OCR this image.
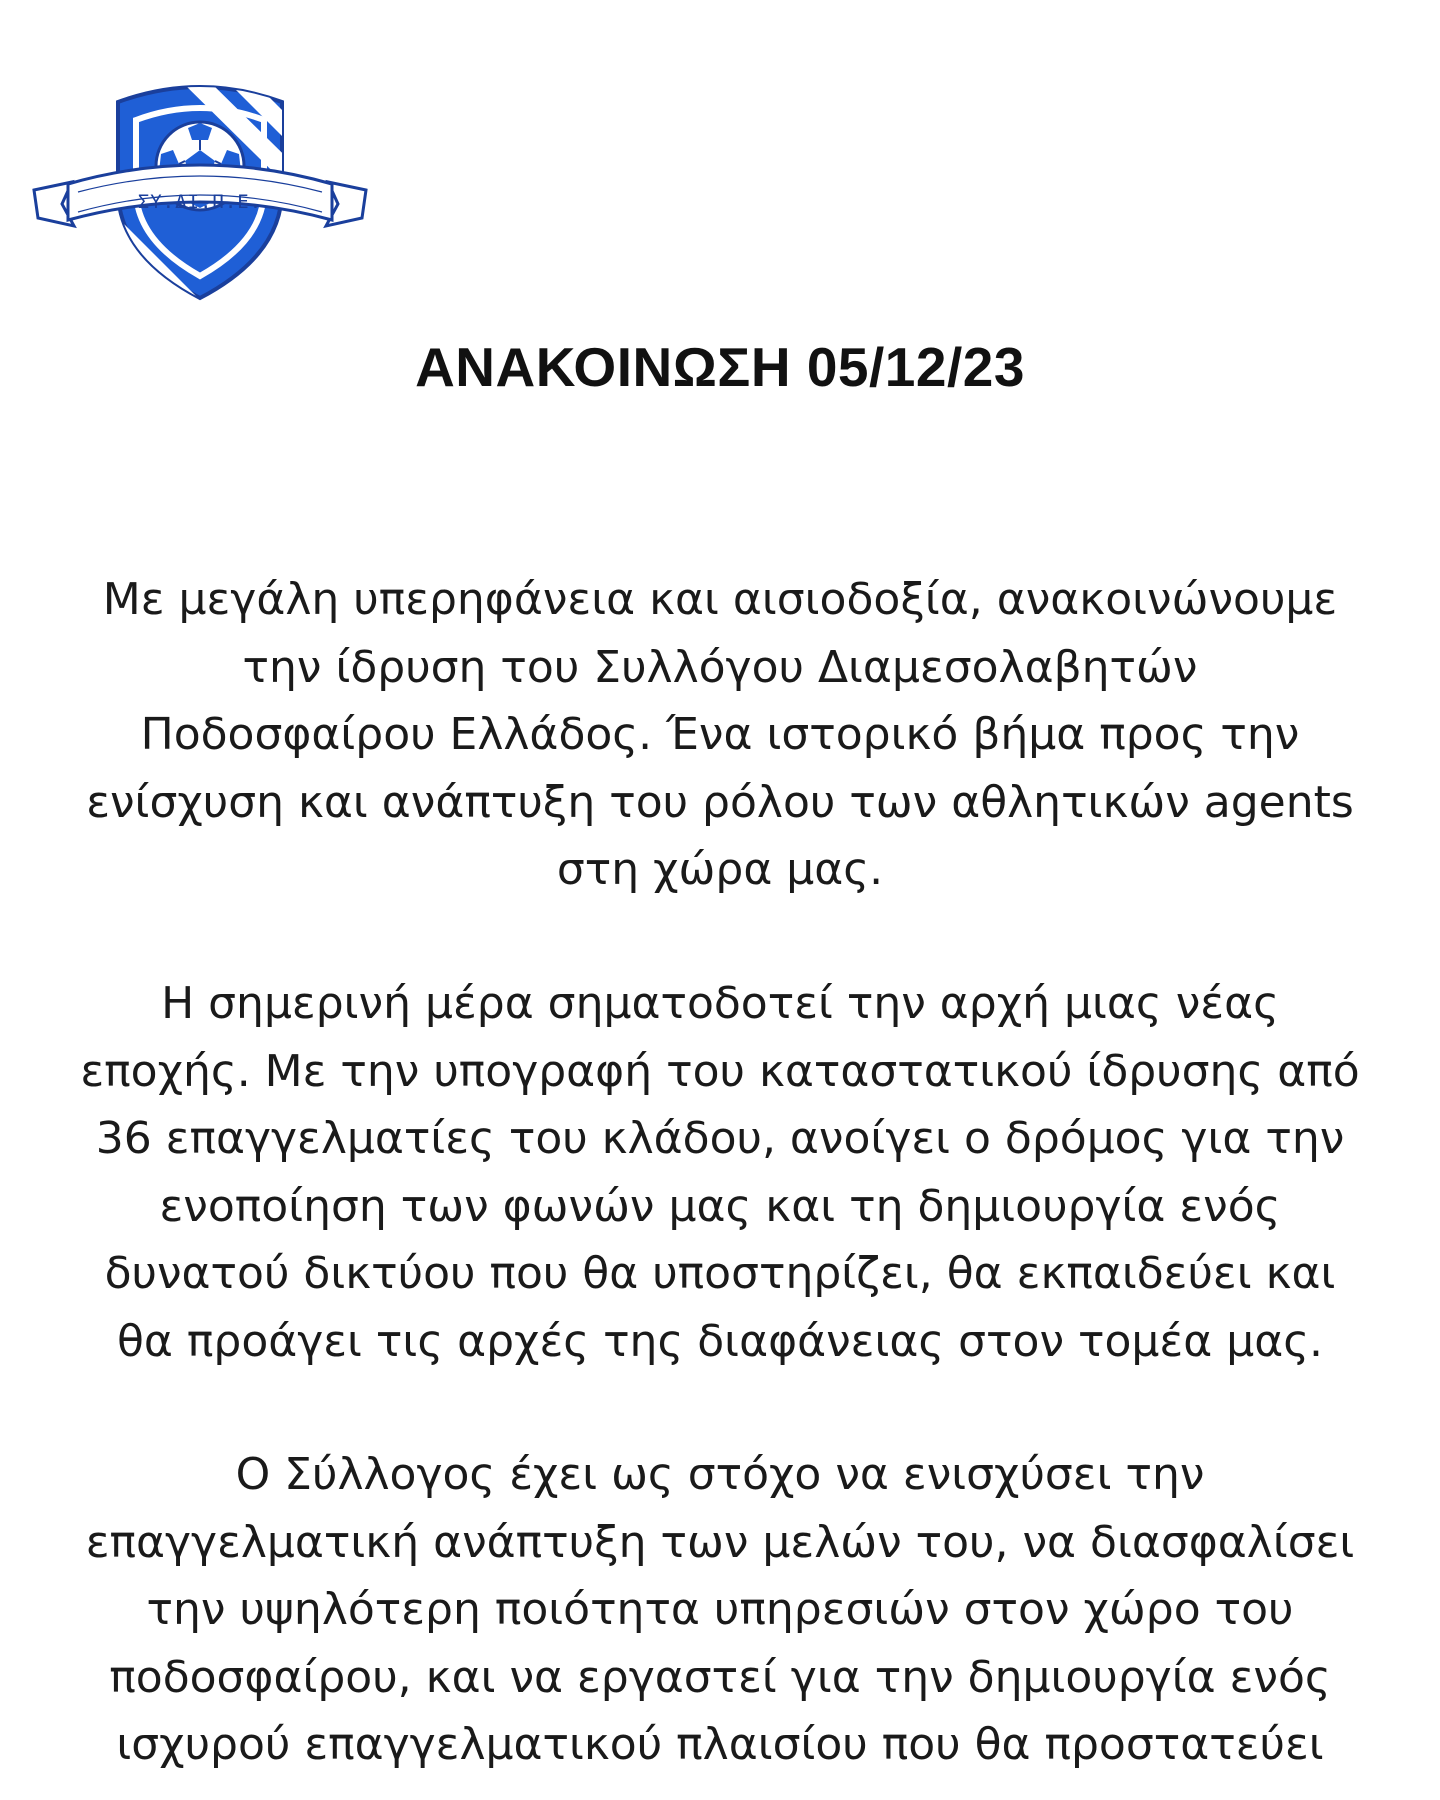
ΣΥ.ΔΙ.Π.Ε.
ΑΝΑΚΟΙΝΩΣΗ 05/12/23

Με μεγάλη υπερηφάνεια και αισιοδοξία, ανακοινώνουμε
την ίδρυση του Συλλόγου Διαμεσολαβητών
Ποδοσφαίρου Ελλάδος. Ένα ιστορικό βήμα προς την
ενίσχυση και ανάπτυξη του ρόλου των αθλητικών agents
στη χώρα μας.

Η σημερινή μέρα σηματοδοτεί την αρχή μιας νέας
εποχής. Με την υπογραφή του καταστατικού ίδρυσης από
36 επαγγελματίες του κλάδου, ανοίγει ο δρόμος για την
ενοποίηση των φωνών μας και τη δημιουργία ενός
δυνατού δικτύου που θα υποστηρίζει, θα εκπαιδεύει και
θα προάγει τις αρχές της διαφάνειας στον τομέα μας.

Ο Σύλλογος έχει ως στόχο να ενισχύσει την
επαγγελματική ανάπτυξη των μελών του, να διασφαλίσει
την υψηλότερη ποιότητα υπηρεσιών στον χώρο του
ποδοσφαίρου, και να εργαστεί για την δημιουργία ενός
ισχυρού επαγγελματικού πλαισίου που θα προστατεύει
